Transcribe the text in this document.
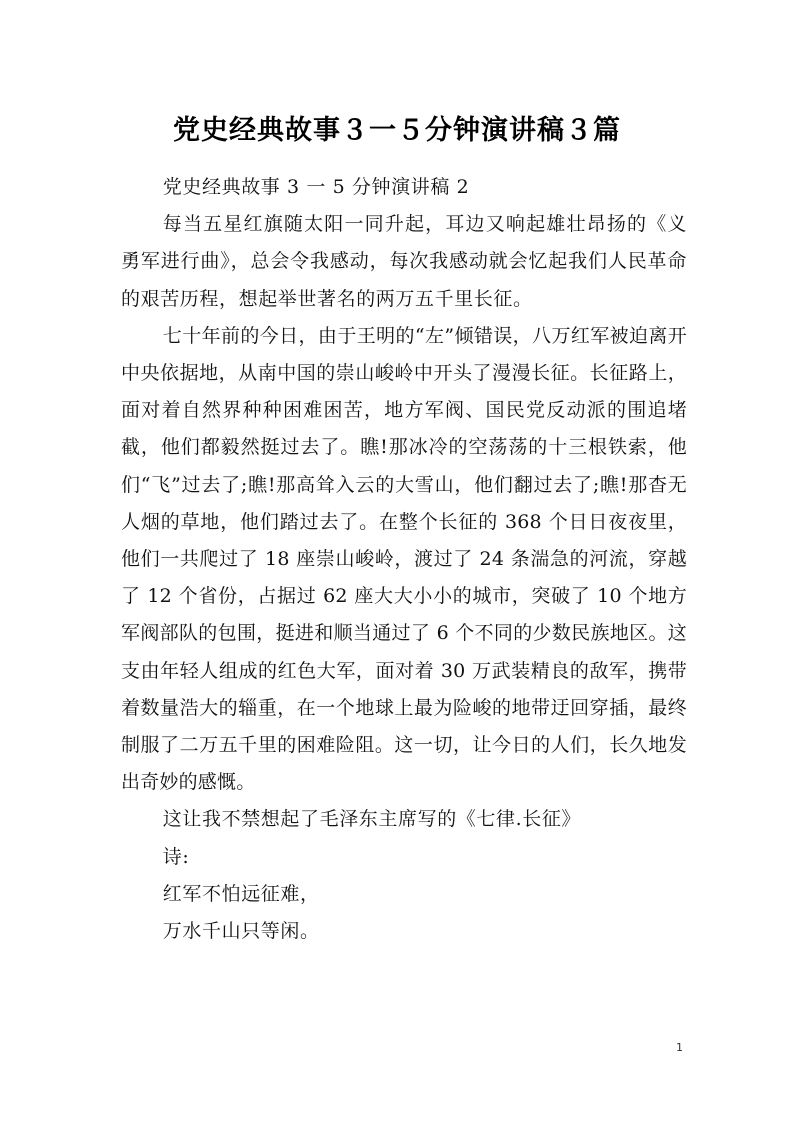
党史经典故事３一５分钟演讲稿３篇

党史经典故事 3 一 5 分钟演讲稿 2

每当五星红旗随太阳一同升起，耳边又响起雄壮昂扬的《义勇军进行曲》，总会令我感动，每次我感动就会忆起我们人民革命的艰苦历程，想起举世著名的两万五千里长征。

七十年前的今日，由于王明的“左”倾错误，八万红军被迫离开中央依据地，从南中国的崇山峻岭中开头了漫漫长征。长征路上，面对着自然界种种困难困苦，地方军阀、国民党反动派的围追堵截，他们都毅然挺过去了。瞧!那冰冷的空荡荡的十三根铁索，他们“飞”过去了;瞧!那高耸入云的大雪山，他们翻过去了;瞧!那杳无人烟的草地，他们踏过去了。在整个长征的 368 个日日夜夜里，他们一共爬过了 18 座崇山峻岭，渡过了 24 条湍急的河流，穿越了 12 个省份，占据过 62 座大大小小的城市，突破了 10 个地方军阀部队的包围，挺进和顺当通过了 6 个不同的少数民族地区。这支由年轻人组成的红色大军，面对着 30 万武装精良的敌军，携带着数量浩大的辎重，在一个地球上最为险峻的地带迂回穿插，最终制服了二万五千里的困难险阻。这一切，让今日的人们，长久地发出奇妙的感慨。

这让我不禁想起了毛泽东主席写的《七律.长征》

诗:

红军不怕远征难，

万水千山只等闲。

1
